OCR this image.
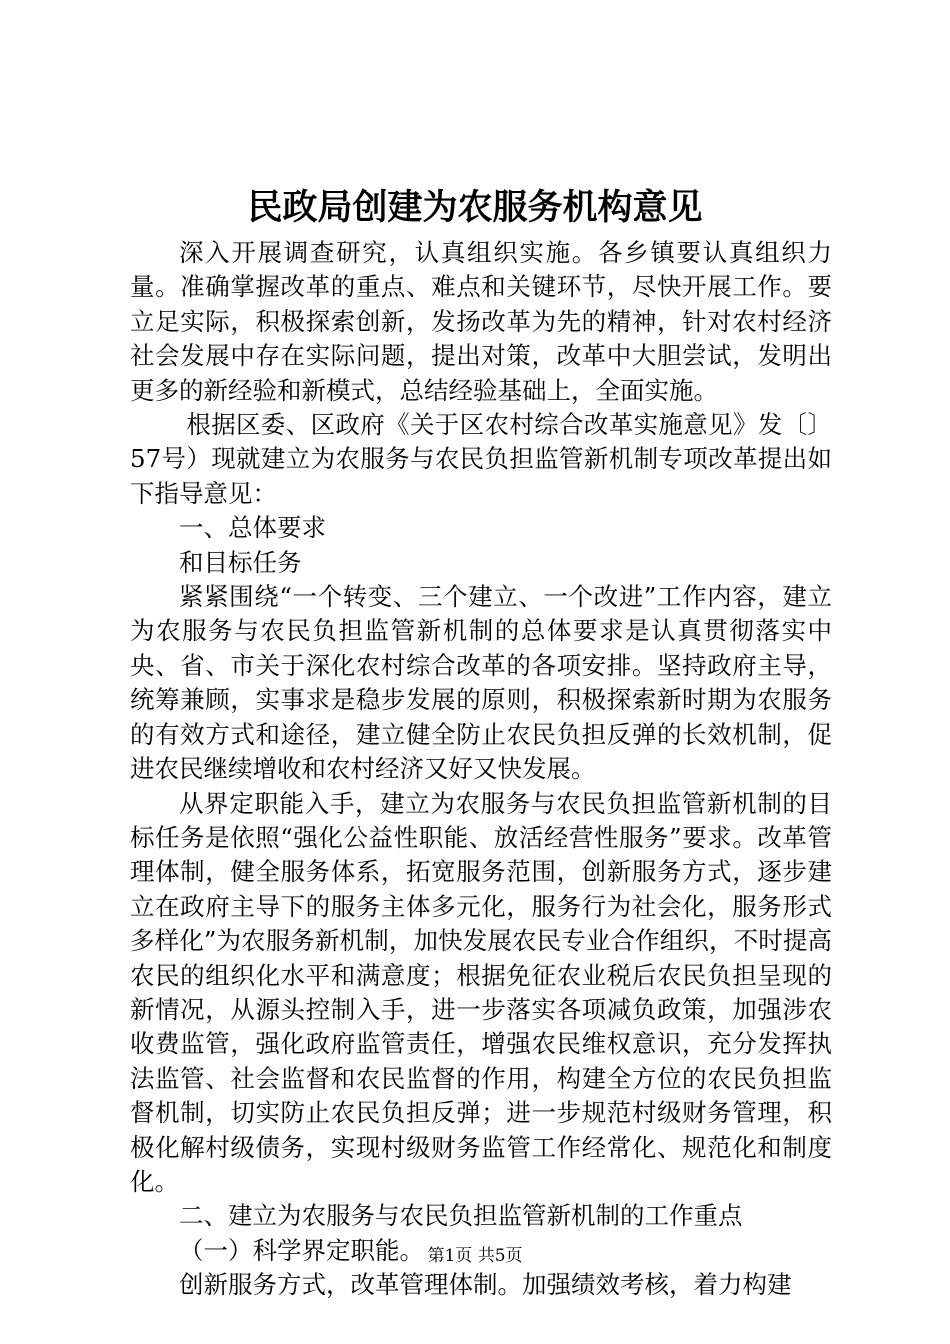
民政局创建为农服务机构意见

深入开展调查研究，认真组织实施。各乡镇要认真组织力量。准确掌握改革的重点、难点和关键环节，尽快开展工作。要立足实际，积极探索创新，发扬改革为先的精神，针对农村经济社会发展中存在实际问题，提出对策，改革中大胆尝试，发明出更多的新经验和新模式，总结经验基础上，全面实施。

根据区委、区政府《关于区农村综合改革实施意见》发〔〕57号）现就建立为农服务与农民负担监管新机制专项改革提出如下指导意见：

一、总体要求

和目标任务

紧紧围绕“一个转变、三个建立、一个改进”工作内容，建立为农服务与农民负担监管新机制的总体要求是认真贯彻落实中央、省、市关于深化农村综合改革的各项安排。坚持政府主导，统筹兼顾，实事求是稳步发展的原则，积极探索新时期为农服务的有效方式和途径，建立健全防止农民负担反弹的长效机制，促进农民继续增收和农村经济又好又快发展。

从界定职能入手，建立为农服务与农民负担监管新机制的目标任务是依照“强化公益性职能、放活经营性服务”要求。改革管理体制，健全服务体系，拓宽服务范围，创新服务方式，逐步建立在政府主导下的服务主体多元化，服务行为社会化，服务形式多样化”为农服务新机制，加快发展农民专业合作组织，不时提高农民的组织化水平和满意度；根据免征农业税后农民负担呈现的新情况，从源头控制入手，进一步落实各项减负政策，加强涉农收费监管，强化政府监管责任，增强农民维权意识，充分发挥执法监管、社会监督和农民监督的作用，构建全方位的农民负担监督机制，切实防止农民负担反弹；进一步规范村级财务管理，积极化解村级债务，实现村级财务监管工作经常化、规范化和制度化。

二、建立为农服务与农民负担监管新机制的工作重点

（一）科学界定职能。

创新服务方式，改革管理体制。加强绩效考核，着力构建

第1页 共5页
